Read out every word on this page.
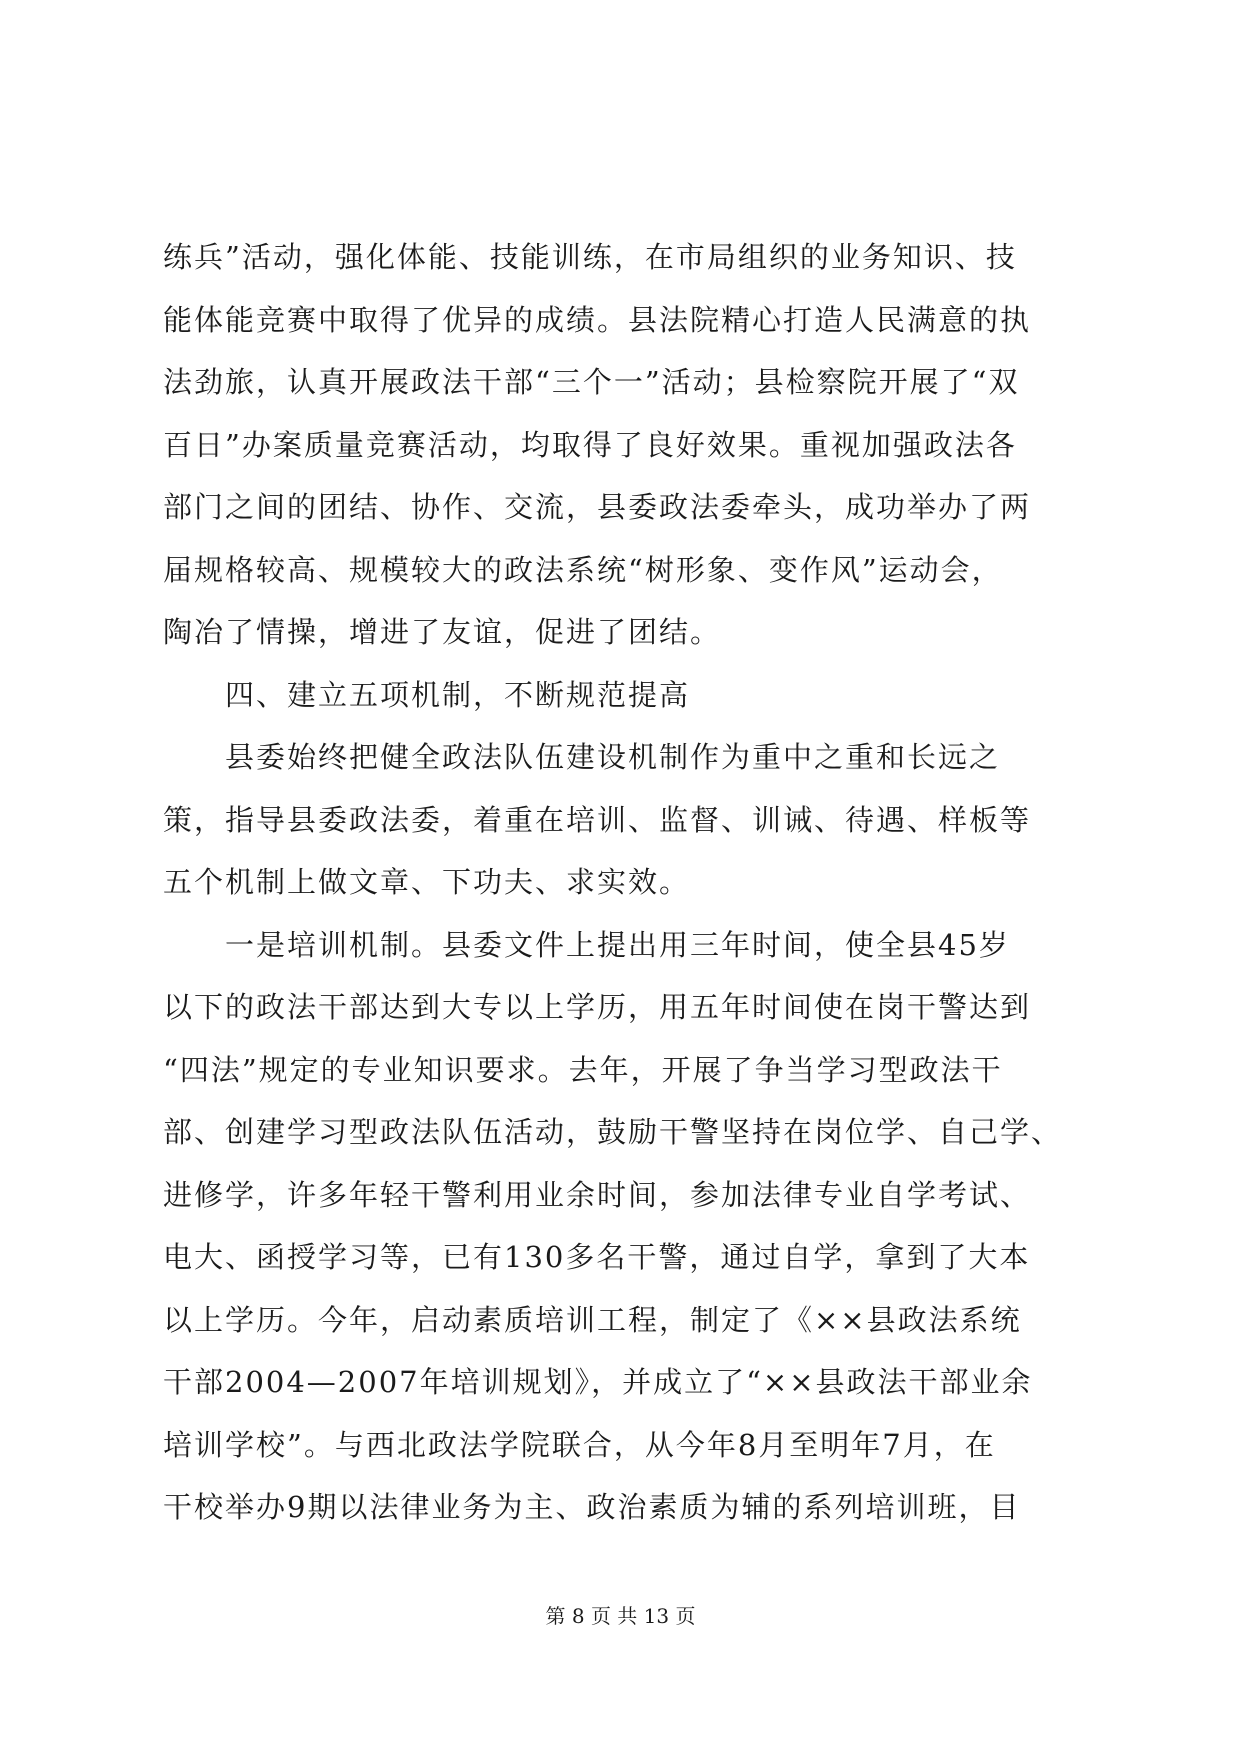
练兵”活动，强化体能、技能训练，在市局组织的业务知识、技
能体能竞赛中取得了优异的成绩。县法院精心打造人民满意的执
法劲旅，认真开展政法干部“三个一”活动；县检察院开展了“双
百日”办案质量竞赛活动，均取得了良好效果。重视加强政法各
部门之间的团结、协作、交流，县委政法委牵头，成功举办了两
届规格较高、规模较大的政法系统“树形象、变作风”运动会，
陶冶了情操，增进了友谊，促进了团结。
　　四、建立五项机制，不断规范提高
　　县委始终把健全政法队伍建设机制作为重中之重和长远之
策，指导县委政法委，着重在培训、监督、训诫、待遇、样板等
五个机制上做文章、下功夫、求实效。
　　一是培训机制。县委文件上提出用三年时间，使全县45岁
以下的政法干部达到大专以上学历，用五年时间使在岗干警达到
“四法”规定的专业知识要求。去年，开展了争当学习型政法干
部、创建学习型政法队伍活动，鼓励干警坚持在岗位学、自己学、
进修学，许多年轻干警利用业余时间，参加法律专业自学考试、
电大、函授学习等，已有130多名干警，通过自学，拿到了大本
以上学历。今年，启动素质培训工程，制定了《××县政法系统
干部2004—2007年培训规划》，并成立了“××县政法干部业余
培训学校”。与西北政法学院联合，从今年8月至明年7月，在
干校举办9期以法律业务为主、政治素质为辅的系列培训班，目
第 8 页 共 13 页
